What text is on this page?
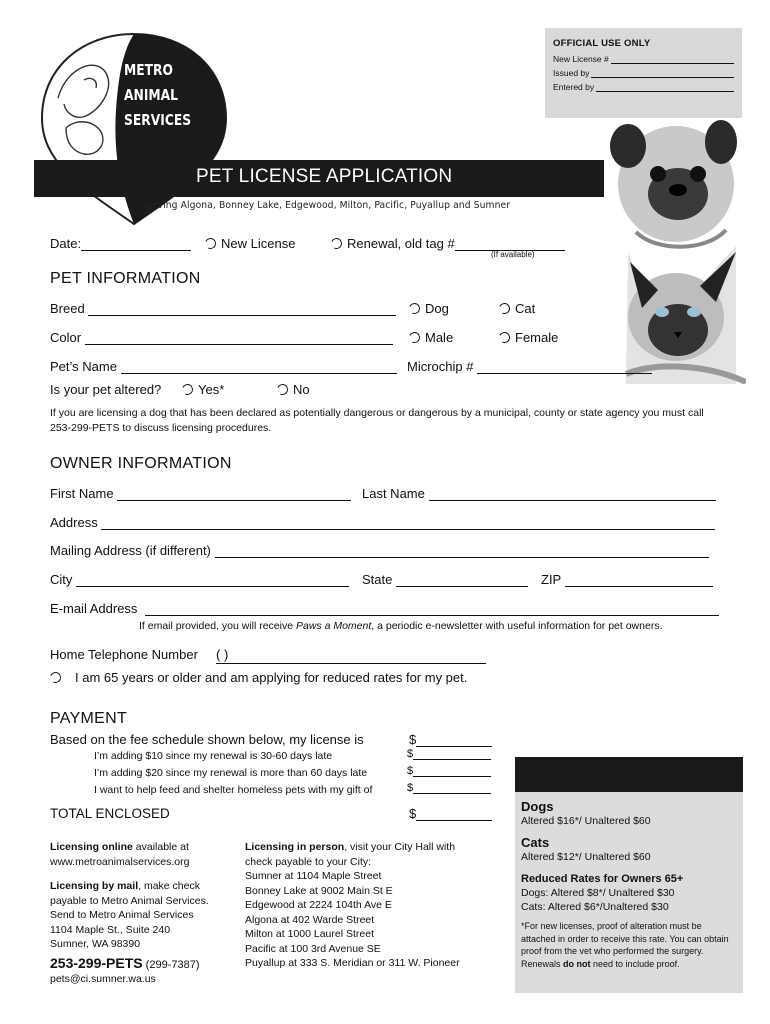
OFFICIAL USE ONLY
New License #
Issued by
Entered by
METRO
ANIMAL
SERVICES
PET LICENSE APPLICATION
Serving Algona, Bonney Lake, Edgewood, Milton, Pacific, Puyallup and Sumner
Date:	New License	Renewal, old tag #
(If available)
PET INFORMATION
Breed	Dog	Cat
Color	Male	Female
Pet’s Name	Microchip #
Is your pet altered?	Yes*	No
If you are licensing a dog that has been declared as potentially dangerous or dangerous by a municipal, county or state agency you must call 253-299-PETS to discuss licensing procedures.
OWNER INFORMATION
First Name	Last Name
Address
Mailing Address (if different)
City	State	ZIP
E-mail Address
If email provided, you will receive Paws a Moment, a periodic e-newsletter with useful information for pet owners.
Home Telephone Number ( )
I am 65 years or older and am applying for reduced rates for my pet.
PAYMENT
Based on the fee schedule shown below, my license is	$
I’m adding $10 since my renewal is 30-60 days late	$
I’m adding $20 since my renewal is more than 60 days late	$
I want to help feed and shelter homeless pets with my gift of	$
TOTAL ENCLOSED	$
Licensing online available at
www.metroanimalservices.org
Licensing by mail, make check
payable to Metro Animal Services.
Send to Metro Animal Services
1104 Maple St., Suite 240
Sumner, WA 98390
253-299-PETS (299-7387)
pets@ci.sumner.wa.us
Licensing in person, visit your City Hall with
check payable to your City:
Sumner at 1104 Maple Street
Bonney Lake at 9002 Main St E
Edgewood at 2224 104th Ave E
Algona at 402 Warde Street
Milton at 1000 Laurel Street
Pacific at 100 3rd Avenue SE
Puyallup at 333 S. Meridian or 311 W. Pioneer
Dogs
Altered $16*/ Unaltered $60
Cats
Altered $12*/ Unaltered $60
Reduced Rates for Owners 65+
Dogs: Altered $8*/ Unaltered $30
Cats: Altered $6*/Unaltered $30
*For new licenses, proof of alteration must be attached in order to receive this rate. You can obtain proof from the vet who performed the surgery. Renewals do not need to include proof.
